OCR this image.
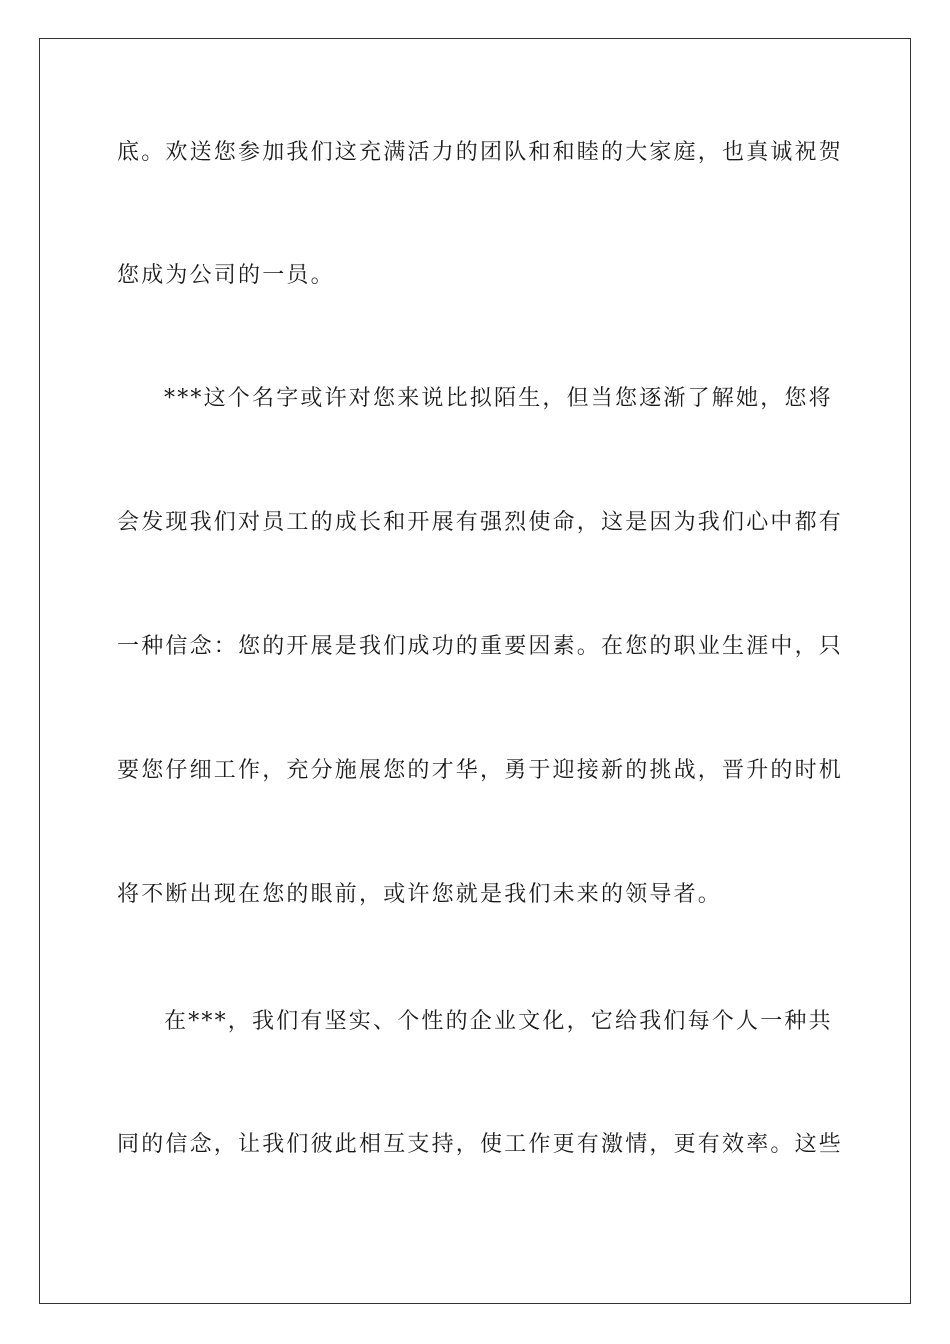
底。欢送您参加我们这充满活力的团队和和睦的大家庭，也真诚祝贺
您成为公司的一员。
***这个名字或许对您来说比拟陌生，但当您逐渐了解她，您将
会发现我们对员工的成长和开展有强烈使命，这是因为我们心中都有
一种信念：您的开展是我们成功的重要因素。在您的职业生涯中，只
要您仔细工作，充分施展您的才华，勇于迎接新的挑战，晋升的时机
将不断出现在您的眼前，或许您就是我们未来的领导者。
在***，我们有坚实、个性的企业文化，它给我们每个人一种共
同的信念，让我们彼此相互支持，使工作更有激情，更有效率。这些
